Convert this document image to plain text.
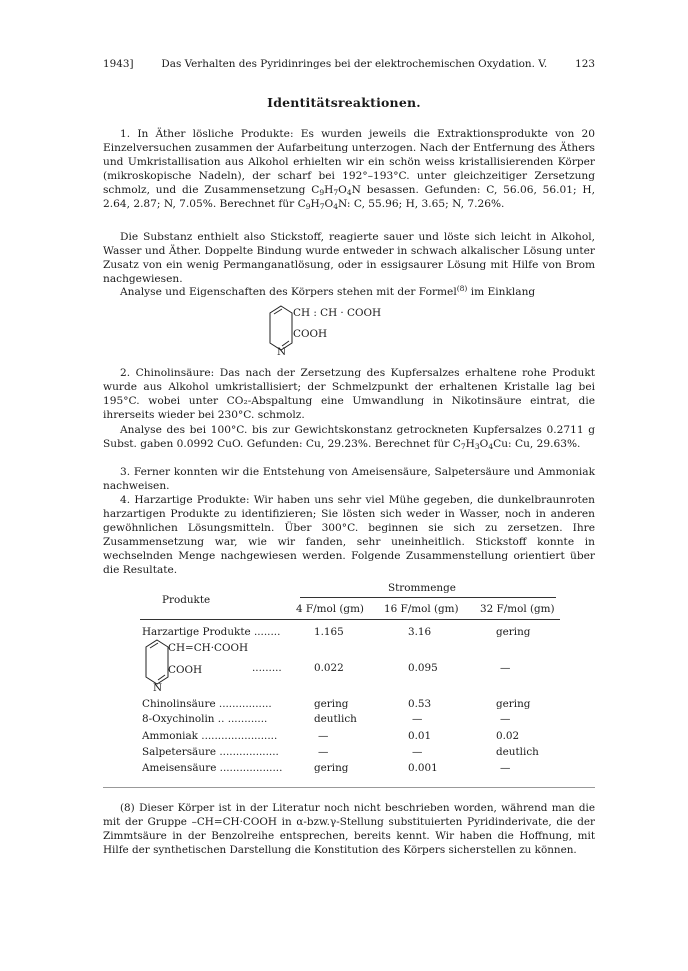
1943]	Das Verhalten des Pyridinringes bei der elektrochemischen Oxydation. V.	123
Identitätsreaktionen.

1. In Äther lösliche Produkte: Es wurden jeweils die Extraktionsprodukte von 20 Einzelversuchen zusammen der Aufarbeitung unterzogen. Nach der Entfernung des Äthers und Umkristallisation aus Alkohol erhielten wir ein schön weiss kristallisierenden Körper (mikroskopische Nadeln), der scharf bei 192°–193°C. unter gleichzeitiger Zersetzung schmolz, und die Zusammensetzung $C_9H_7O_4N$ besassen. Gefunden: C, 56.06, 56.01; H, 2.64, 2.87; N, 7.05%. Berechnet für $C_9H_7O_4N$: C, 55.96; H, 3.65; N, 7.26%.

Die Substanz enthielt also Stickstoff, reagierte sauer und löste sich leicht in Alkohol, Wasser und Äther. Doppelte Bindung wurde entweder in schwach alkalischer Lösung unter Zusatz von ein wenig Permanganatlösung, oder in essigsaurer Lösung mit Hilfe von Brom nachgewiesen.

Analyse und Eigenschaften des Körpers stehen mit der Formel$^{(8)}$ im Einklang

CH : CH · COOH
COOH
N

2. Chinolinsäure: Das nach der Zersetzung des Kupfersalzes erhaltene rohe Produkt wurde aus Alkohol umkristallisiert; der Schmelzpunkt der erhaltenen Kristalle lag bei 195°C. wobei unter CO₂-Abspaltung eine Umwandlung in Nikotinsäure eintrat, die ihrerseits wieder bei 230°C. schmolz.

Analyse des bei 100°C. bis zur Gewichtskonstanz getrockneten Kupfersalzes 0.2711 g Subst. gaben 0.0992 CuO. Gefunden: Cu, 29.23%. Berechnet für $C_7H_3O_4Cu$: Cu, 29.63%.

3. Ferner konnten wir die Entstehung von Ameisensäure, Salpetersäure und Ammoniak nachweisen.

4. Harzartige Produkte: Wir haben uns sehr viel Mühe gegeben, die dunkelbraunroten harzartigen Produkte zu identifizieren; Sie lösten sich weder in Wasser, noch in anderen gewöhnlichen Lösungsmitteln. Über 300°C. beginnen sie sich zu zersetzen. Ihre Zusammensetzung war, wie wir fanden, sehr uneinheitlich. Stickstoff konnte in wechselnden Menge nachgewiesen werden. Folgende Zusammenstellung orientiert über die Resultate.

Produkte
Strommenge
4 F/mol (gm) 16 F/mol (gm) 32 F/mol (gm)
Harzartige Produkte ........	1.165	3.16	gering
CH=CH·COOH
COOH
N
.........	0.022	0.095	—
Chinolinsäure ................	gering	0.53	gering
8-Oxychinolin .. ............	deutlich	—	—
Ammoniak .......................	—	0.01	0.02
Salpetersäure ..................	—	—	deutlich
Ameisensäure ...................	gering	0.001	—

(8) Dieser Körper ist in der Literatur noch nicht beschrieben worden, während man die mit der Gruppe –CH=CH·COOH in α-bzw.γ-Stellung substituierten Pyridinderivate, die der Zimmtsäure in der Benzolreihe entsprechen, bereits kennt. Wir haben die Hoffnung, mit Hilfe der synthetischen Darstellung die Konstitution des Körpers sicherstellen zu können.
